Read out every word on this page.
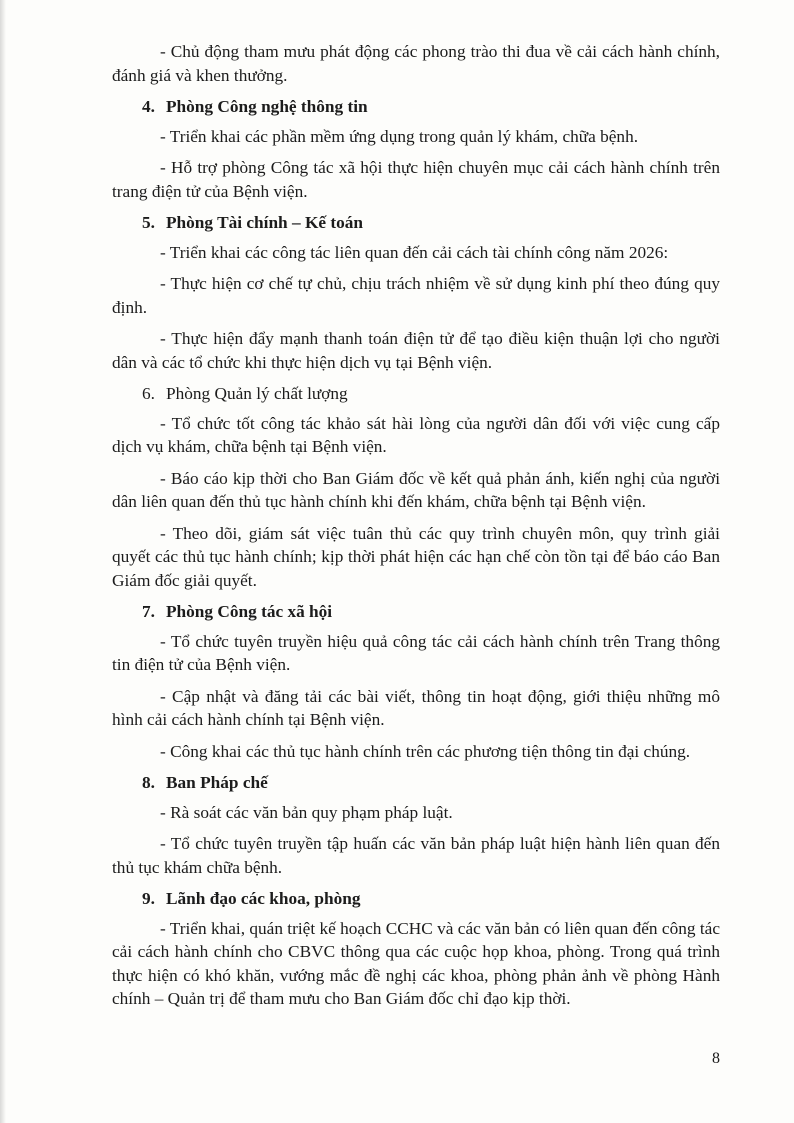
- Chủ động tham mưu phát động các phong trào thi đua về cải cách hành chính, đánh giá và khen thưởng.

4. Phòng Công nghệ thông tin

- Triển khai các phần mềm ứng dụng trong quản lý khám, chữa bệnh.

- Hỗ trợ phòng Công tác xã hội thực hiện chuyên mục cải cách hành chính trên trang điện tử của Bệnh viện.

5. Phòng Tài chính – Kế toán

- Triển khai các công tác liên quan đến cải cách tài chính công năm 2026:

- Thực hiện cơ chế tự chủ, chịu trách nhiệm về sử dụng kinh phí theo đúng quy định.

- Thực hiện đẩy mạnh thanh toán điện tử để tạo điều kiện thuận lợi cho người dân và các tổ chức khi thực hiện dịch vụ tại Bệnh viện.

6. Phòng Quản lý chất lượng

- Tổ chức tốt công tác khảo sát hài lòng của người dân đối với việc cung cấp dịch vụ khám, chữa bệnh tại Bệnh viện.

- Báo cáo kịp thời cho Ban Giám đốc về kết quả phản ánh, kiến nghị của người dân liên quan đến thủ tục hành chính khi đến khám, chữa bệnh tại Bệnh viện.

- Theo dõi, giám sát việc tuân thủ các quy trình chuyên môn, quy trình giải quyết các thủ tục hành chính; kịp thời phát hiện các hạn chế còn tồn tại để báo cáo Ban Giám đốc giải quyết.

7. Phòng Công tác xã hội

- Tổ chức tuyên truyền hiệu quả công tác cải cách hành chính trên Trang thông tin điện tử của Bệnh viện.

- Cập nhật và đăng tải các bài viết, thông tin hoạt động, giới thiệu những mô hình cải cách hành chính tại Bệnh viện.

- Công khai các thủ tục hành chính trên các phương tiện thông tin đại chúng.

8. Ban Pháp chế

- Rà soát các văn bản quy phạm pháp luật.

- Tổ chức tuyên truyền tập huấn các văn bản pháp luật hiện hành liên quan đến thủ tục khám chữa bệnh.

9. Lãnh đạo các khoa, phòng

- Triển khai, quán triệt kế hoạch CCHC và các văn bản có liên quan đến công tác cải cách hành chính cho CBVC thông qua các cuộc họp khoa, phòng. Trong quá trình thực hiện có khó khăn, vướng mắc đề nghị các khoa, phòng phản ảnh về phòng Hành chính – Quản trị để tham mưu cho Ban Giám đốc chỉ đạo kịp thời.

8
